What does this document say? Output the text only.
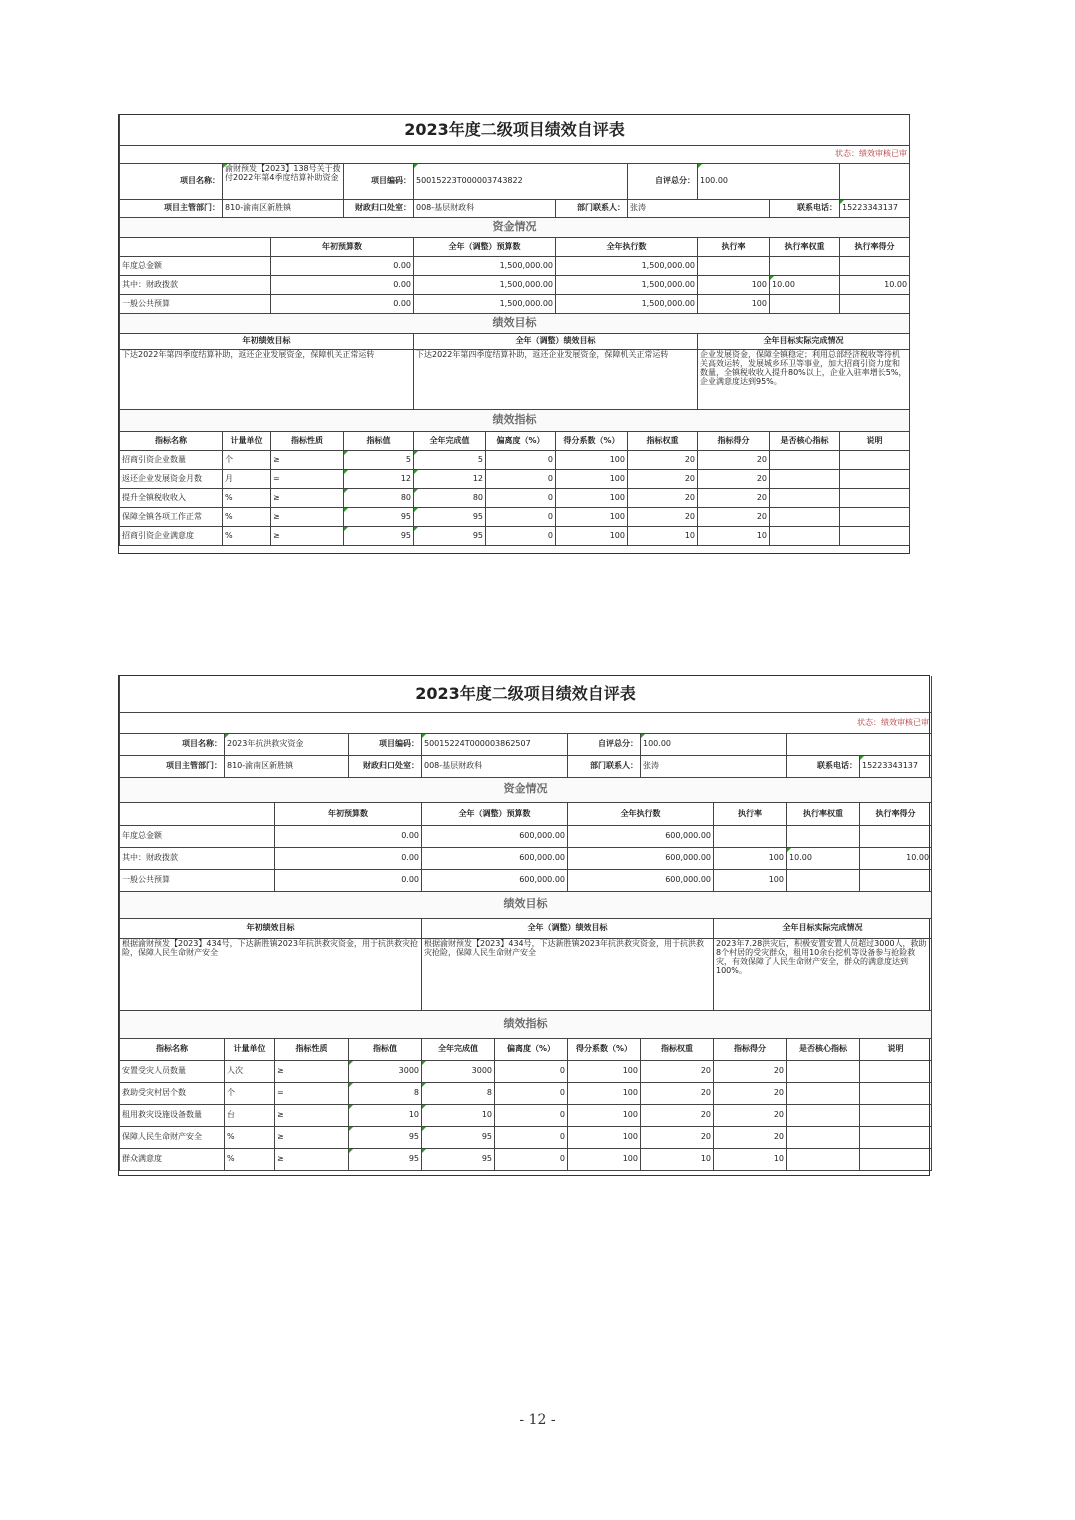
2023年度二级项目绩效自评表										
状态：绩效审核已审										
项目名称：	渝财预发【2023】138号关于拨付2022年第4季度结算补助资金		项目编码：	50015223T000003743822			自评总分：	100.00		
项目主管部门：	810-渝南区新胜镇		财政归口处室：	008-基层财政科		部门联系人：	张涛		联系电话：	15223343137
资金情况										
		年初预算数		全年（调整）预算数		全年执行数		执行率	执行率权重	执行率得分
年度总金额		0.00		1,500,000.00		1,500,000.00				
其中：财政拨款		0.00		1,500,000.00		1,500,000.00		100	10.00	10.00
一般公共预算		0.00		1,500,000.00		1,500,000.00		100		
绩效目标										
年初绩效目标				全年（调整）绩效目标				全年目标实际完成情况		
下达2022年第四季度结算补助，返还企业发展资金，保障机关正常运转				下达2022年第四季度结算补助，返还企业发展资金，保障机关正常运转				企业发展资金，保障全镇稳定；利用总部经济税收等待机关高效运转，发展城乡环卫等事业，加大招商引资力度和数量，全镇税收收入提升80%以上，企业入驻率增长5%，企业满意度达到95%。		
绩效指标										
指标名称	计量单位	指标性质	指标值	全年完成值	偏离度（%）	得分系数（%）	指标权重	指标得分	是否核心指标	说明
招商引资企业数量	个	≥	5	5	0	100	20	20		
返还企业发展资金月数	月	=	12	12	0	100	20	20		
提升全镇税收收入	%	≥	80	80	0	100	20	20		
保障全镇各项工作正常	%	≥	95	95	0	100	20	20		
招商引资企业满意度	%	≥	95	95	0	100	10	10		
2023年度二级项目绩效自评表										
状态：绩效审核已审										
项目名称：	2023年抗洪救灾资金		项目编码：	50015224T000003862507		自评总分：	100.00			
项目主管部门：	810-渝南区新胜镇		财政归口处室：	008-基层财政科		部门联系人：	张涛		联系电话：	15223343137
资金情况										
		年初预算数		全年（调整）预算数		全年执行数		执行率	执行率权重	执行率得分
年度总金额		0.00		600,000.00		600,000.00				
其中：财政拨款		0.00		600,000.00		600,000.00		100	10.00	10.00
一般公共预算		0.00		600,000.00		600,000.00		100		
绩效目标										
年初绩效目标				全年（调整）绩效目标				全年目标实际完成情况		
根据渝财预发【2023】434号，下达新胜镇2023年抗洪救灾资金，用于抗洪救灾抢险，保障人民生命财产安全				根据渝财预发【2023】434号，下达新胜镇2023年抗洪救灾资金，用于抗洪救灾抢险，保障人民生命财产安全				2023年7.28洪灾后，积极安置安置人员超过3000人，救助8个村居的受灾群众，租用10余台挖机等设备参与抢险救灾，有效保障了人民生命财产安全，群众的满意度达到100%。		
绩效指标										
指标名称	计量单位	指标性质	指标值	全年完成值	偏离度（%）	得分系数（%）	指标权重	指标得分	是否核心指标	说明
安置受灾人员数量	人次	≥	3000	3000	0	100	20	20		
救助受灾村居个数	个	=	8	8	0	100	20	20		
租用救灾设施设备数量	台	≥	10	10	0	100	20	20		
保障人民生命财产安全	%	≥	95	95	0	100	20	20		
群众满意度	%	≥	95	95	0	100	10	10		
- 12 -
